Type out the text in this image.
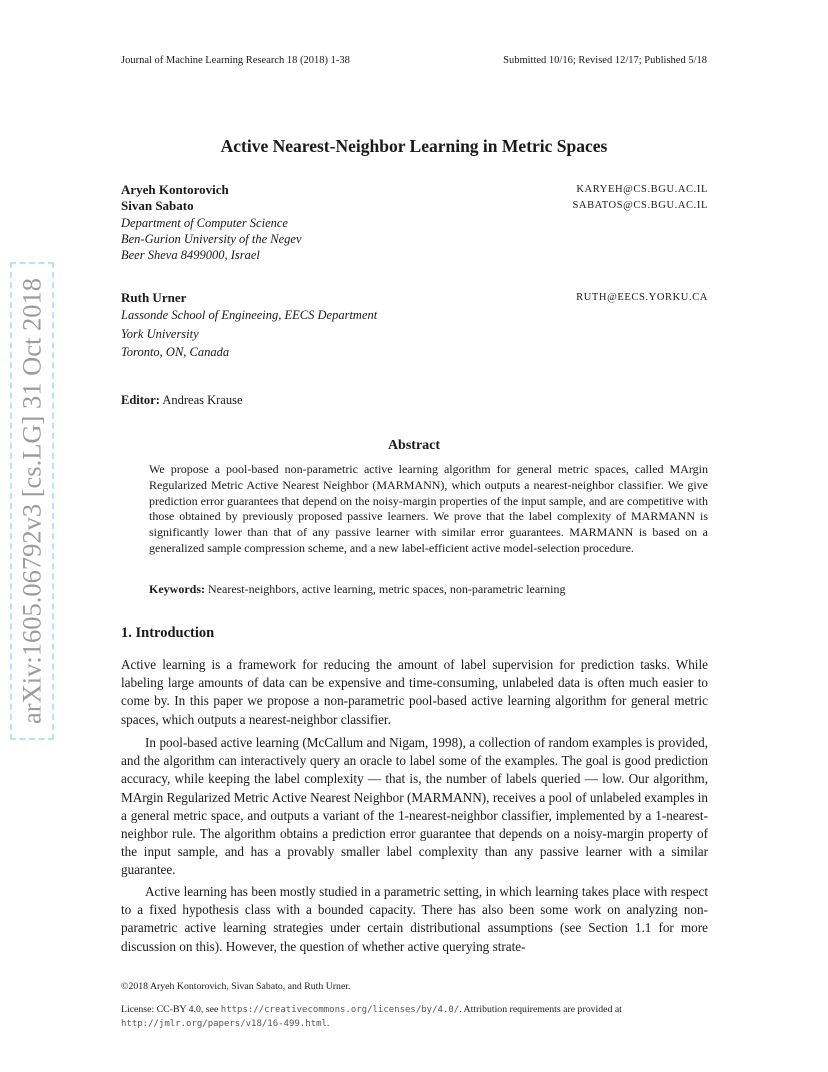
Journal of Machine Learning Research 18 (2018) 1-38	Submitted 10/16; Revised 12/17; Published 5/18
arXiv:1605.06792v3 [cs.LG] 31 Oct 2018
Active Nearest-Neighbor Learning in Metric Spaces
Aryeh Kontorovich	KARYEH@CS.BGU.AC.IL
Sivan Sabato	SABATOS@CS.BGU.AC.IL
Department of Computer Science
Ben-Gurion University of the Negev
Beer Sheva 8499000, Israel
Ruth Urner	RUTH@EECS.YORKU.CA
Lassonde School of Engineeing, EECS Department
York University
Toronto, ON, Canada
Editor: Andreas Krause
Abstract
We propose a pool-based non-parametric active learning algorithm for general metric spaces, called MArgin Regularized Metric Active Nearest Neighbor (MARMANN), which outputs a nearest-neighbor classifier. We give prediction error guarantees that depend on the noisy-margin properties of the input sample, and are competitive with those obtained by previously proposed passive learners. We prove that the label complexity of MARMANN is significantly lower than that of any passive learner with similar error guarantees. MARMANN is based on a generalized sample compression scheme, and a new label-efficient active model-selection procedure.
Keywords: Nearest-neighbors, active learning, metric spaces, non-parametric learning
1. Introduction
Active learning is a framework for reducing the amount of label supervision for prediction tasks. While labeling large amounts of data can be expensive and time-consuming, unlabeled data is often much easier to come by. In this paper we propose a non-parametric pool-based active learning algorithm for general metric spaces, which outputs a nearest-neighbor classifier.
In pool-based active learning (McCallum and Nigam, 1998), a collection of random examples is provided, and the algorithm can interactively query an oracle to label some of the examples. The goal is good prediction accuracy, while keeping the label complexity — that is, the number of labels queried — low. Our algorithm, MArgin Regularized Metric Active Nearest Neighbor (MARMANN), receives a pool of unlabeled examples in a general metric space, and outputs a variant of the 1-nearest-neighbor classifier, implemented by a 1-nearest-neighbor rule. The algorithm obtains a prediction error guarantee that depends on a noisy-margin property of the input sample, and has a provably smaller label complexity than any passive learner with a similar guarantee.
Active learning has been mostly studied in a parametric setting, in which learning takes place with respect to a fixed hypothesis class with a bounded capacity. There has also been some work on analyzing non-parametric active learning strategies under certain distributional assumptions (see Section 1.1 for more discussion on this). However, the question of whether active querying strate-
©2018 Aryeh Kontorovich, Sivan Sabato, and Ruth Urner.
License: CC-BY 4.0, see https://creativecommons.org/licenses/by/4.0/. Attribution requirements are provided at
http://jmlr.org/papers/v18/16-499.html.
